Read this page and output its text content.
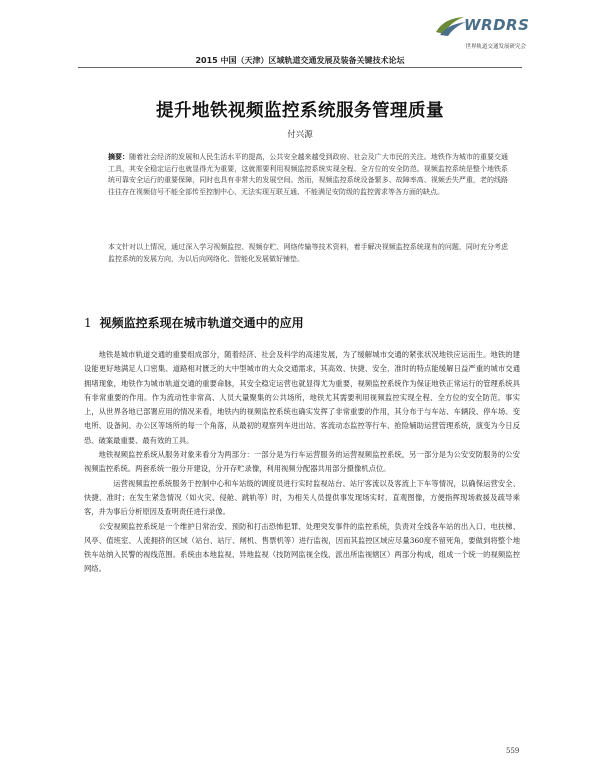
WRDRS
世界轨道交通发展研究会
2015 中国（天津）区域轨道交通发展及装备关键技术论坛
提升地铁视频监控系统服务管理质量
付兴源
摘要：随着社会经济的发展和人民生活水平的提高，公共安全越来越受到政府、社会及广大市民的关注。地铁作为城市的重要交通工具，其安全稳定运行也就显得尤为重要，这就需要利用视频监控系统实现全程、全方位的安全防范。视频监控系统是整个地铁系统可靠安全运行的重要保障，同时也具有非常大的发展空间。然而，视频监控系统设备繁多、故障率高、视频丢失严重，老的线路往往存在视频信号不能全部传至控制中心、无法实现互联互通、不能满足安防级的监控需求等各方面的缺点。
本文针对以上情况，通过深入学习视频监控、视频存贮、网络传输等技术资料，着手解决视频监控系统现有的问题，同时充分考虑监控系统的发展方向，为以后向网络化、智能化发展做好铺垫。
1 视频监控系现在城市轨道交通中的应用

地铁是城市轨道交通的重要组成部分，随着经济、社会及科学的高速发展，为了缓解城市交通的紧张状况地铁应运而生。地铁的建设能更好地满足人口密集、道路相对匮乏的大中型城市的大众交通需求，其高效、快捷、安全、准时的特点能缓解日益严重的城市交通拥堵现象，地铁作为城市轨道交通的重要命脉，其安全稳定运营也就显得尤为重要，视频监控系统作为保证地铁正常运行的管理系统具有非常重要的作用。作为流动性非常高、人员大量聚集的公共场所，地铁尤其需要利用视频监控实现全程、全方位的安全防范。事实上，从世界各地已部署应用的情况来看，地铁内的视频监控系统也确实发挥了非常重要的作用，其分布于与车站、车辆段、停车场、变电所、设备间、办公区等场所的每一个角落，从最初的观察列车进出站、客流动态监控等行车、抢险辅助运营管理系统，演变为今日反恐、破案最重要、最有效的工具。

地铁视频监控系统从服务对象来看分为两部分：一部分是为行车运营服务的运营视频监控系统，另一部分是为公安安防服务的公安视频监控系统。两套系统一般分开建设，分开存贮录像，利用视频分配器共用部分摄像机点位。

运营视频监控系统服务于控制中心和车站级的调度员进行实时监视站台、站厅客流以及客流上下车等情况，以确保运营安全、快捷、准时；在发生紧急情况（如火灾、侵舱、跳轨等）时，为相关人员提供事发现场实时、直观图像，方便指挥现场救援及疏导乘客，并为事后分析原因及查明责任进行录像。

公安视频监控系统是一个维护日常治安、预防和打击恐怖犯罪、处理突发事件的监控系统，负责对全线各车站的出入口、电扶梯、风亭、值班室、人流拥挤的区域（站台、站厅、闸机、售票机等）进行监视，因而其监控区域应尽量360度不留死角，要做到将整个地铁车站纳入民警的视线范围。系统由本地监视、异地监视（技防网监视全线、派出所监视辖区）两部分构成，组成一个统一的视频监控网络。

559
